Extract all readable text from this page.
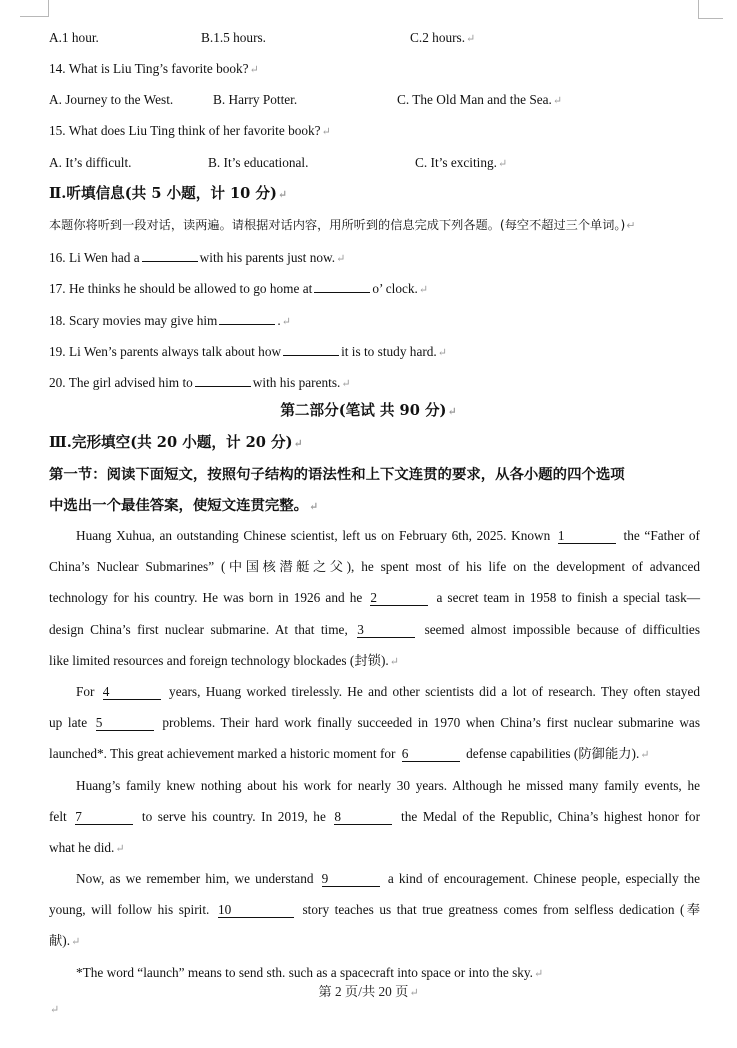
A.1 hour.	B.1.5 hours.	C.2 hours.↵
14. What is Liu Ting’s favorite book?↵
A. Journey to the West.	B. Harry Potter.	C. The Old Man and the Sea.↵
15. What does Liu Ting think of her favorite book?↵
A. It’s difficult.	B. It’s educational.	C. It’s exciting.↵
Ⅱ.听填信息(共 5 小题，计 10 分)↵
本题你将听到一段对话，读两遍。请根据对话内容，用所听到的信息完成下列各题。(每空不超过三个单词。)↵
16. Li Wen had a	with his parents just now.↵
17. He thinks he should be allowed to go home at	o’ clock.↵
18. Scary movies may give him	.↵
19. Li Wen’s parents always talk about how	it is to study hard.↵
20. The girl advised him to	with his parents.↵
第二部分(笔试 共 90 分)↵
Ⅲ.完形填空(共 20 小题，计 20 分)↵
第一节：阅读下面短文，按照句子结构的语法性和上下文连贯的要求，从各小题的四个选项
中选出一个最佳答案，使短文连贯完整。↵
Huang Xuhua, an outstanding Chinese scientist, left us on February 6th, 2025. Known 1	the “Father of
China’s Nuclear Submarines” (中国核潜艇之父), he spent most of his life on the development of advanced
technology for his country. He was born in 1926 and he 2	a secret team in 1958 to finish a special task—
design China’s first nuclear submarine. At that time, 3	seemed almost impossible because of difficulties
like limited resources and foreign technology blockades (封锁).↵
For 4	years, Huang worked tirelessly. He and other scientists did a lot of research. They often stayed
up late 5	problems. Their hard work finally succeeded in 1970 when China’s first nuclear submarine was
launched*. This great achievement marked a historic moment for 6	defense capabilities (防御能力).↵
Huang’s family knew nothing about his work for nearly 30 years. Although he missed many family events, he
felt 7	to serve his country. In 2019, he 8	the Medal of the Republic, China’s highest honor for
what he did.↵
Now, as we remember him, we understand 9	a kind of encouragement. Chinese people, especially the
young, will follow his spirit. 10	story teaches us that true greatness comes from selfless dedication (奉
献).↵
*The word “launch” means to send sth. such as a spacecraft into space or into the sky.↵
第 2 页/共 20 页↵
↵
